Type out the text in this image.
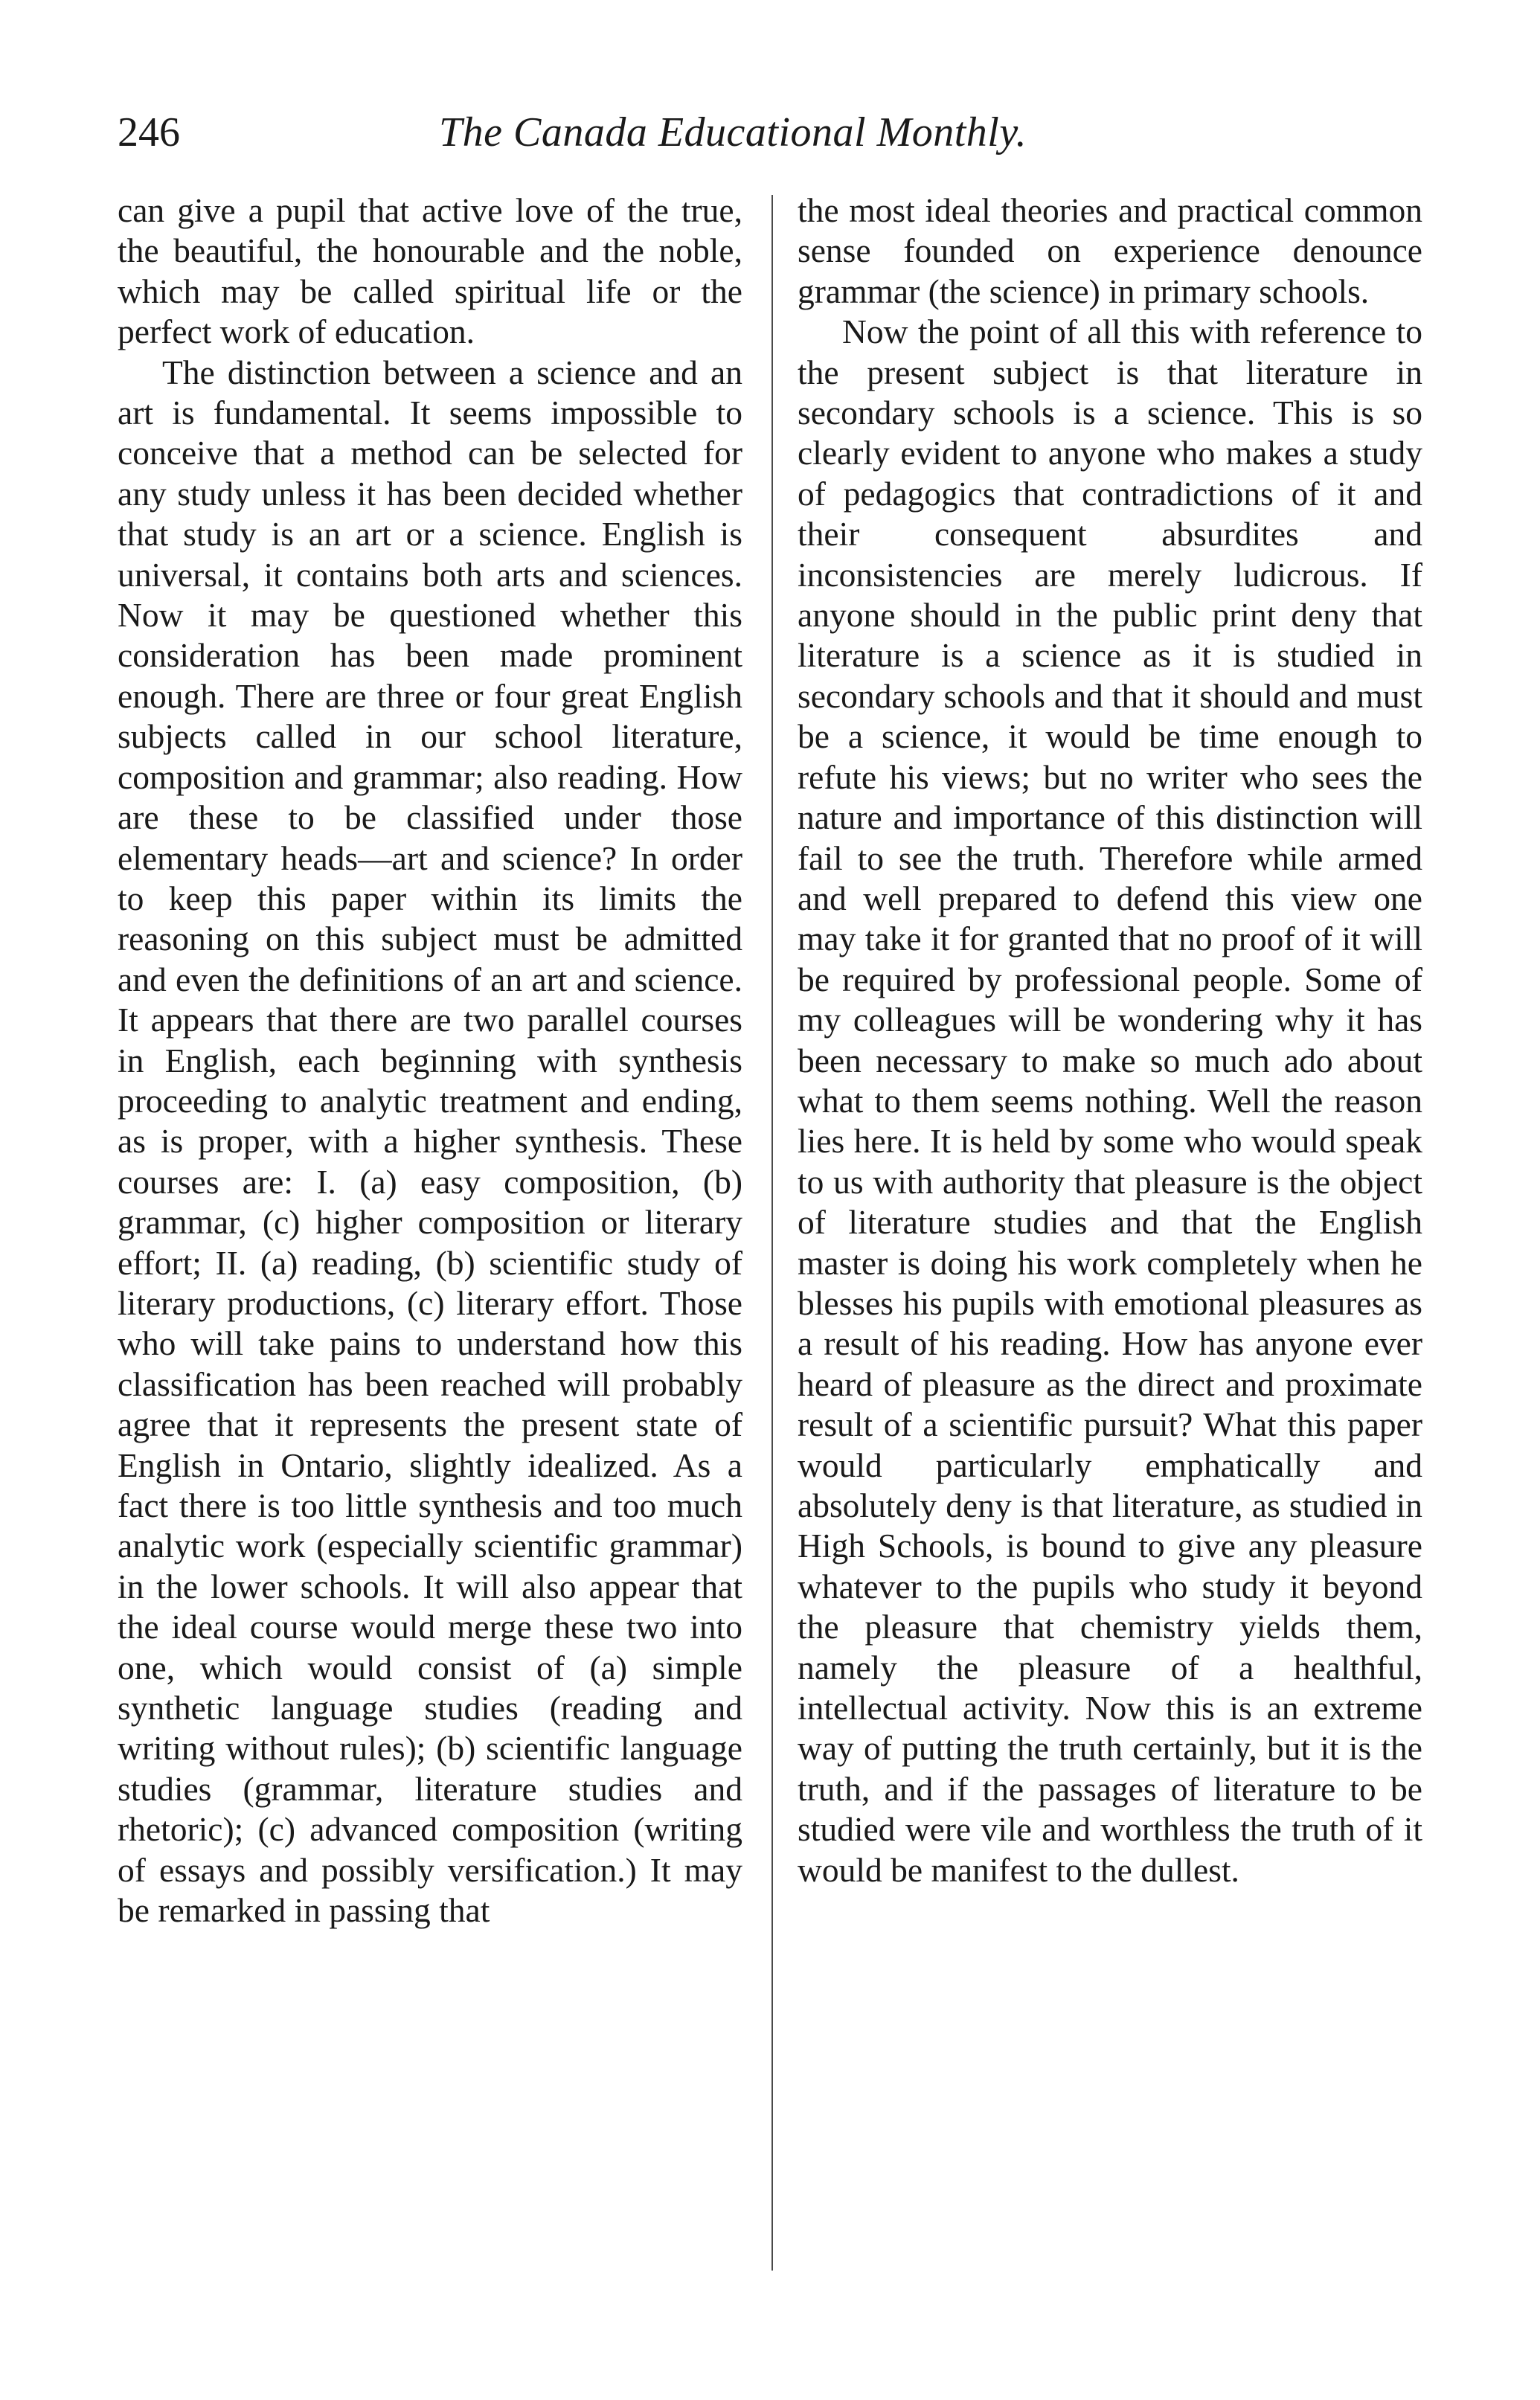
246	The Canada Educational Monthly.

can give a pupil that active love of the true, the beautiful, the honourable and the noble, which may be called spiritual life or the perfect work of education.

The distinction between a science and an art is fundamental. It seems impossible to conceive that a method can be selected for any study unless it has been decided whether that study is an art or a science. English is universal, it contains both arts and sciences. Now it may be questioned whether this consideration has been made prominent enough. There are three or four great English subjects called in our school literature, composition and grammar; also reading. How are these to be classified under those elementary heads—art and science? In order to keep this paper within its limits the reasoning on this subject must be admitted and even the definitions of an art and science. It appears that there are two parallel courses in English, each beginning with synthesis proceeding to analytic treatment and ending, as is proper, with a higher synthesis. These courses are: I. (a) easy composition, (b) grammar, (c) higher composition or literary effort; II. (a) reading, (b) scientific study of literary productions, (c) literary effort. Those who will take pains to understand how this classification has been reached will probably agree that it represents the present state of English in Ontario, slightly idealized. As a fact there is too little synthesis and too much analytic work (especially scientific grammar) in the lower schools. It will also appear that the ideal course would merge these two into one, which would consist of (a) simple synthetic language studies (reading and writing without rules); (b) scientific language studies (grammar, literature studies and rhetoric); (c) advanced composition (writing of essays and possibly versification.) It may be remarked in passing that

the most ideal theories and practical common sense founded on experience denounce grammar (the science) in primary schools.

Now the point of all this with reference to the present subject is that literature in secondary schools is a science. This is so clearly evident to anyone who makes a study of pedagogics that contradictions of it and their consequent absurdites and inconsistencies are merely ludicrous. If anyone should in the public print deny that literature is a science as it is studied in secondary schools and that it should and must be a science, it would be time enough to refute his views; but no writer who sees the nature and importance of this distinction will fail to see the truth. Therefore while armed and well prepared to defend this view one may take it for granted that no proof of it will be required by professional people. Some of my colleagues will be wondering why it has been necessary to make so much ado about what to them seems nothing. Well the reason lies here. It is held by some who would speak to us with authority that pleasure is the object of literature studies and that the English master is doing his work completely when he blesses his pupils with emotional pleasures as a result of his reading. How has anyone ever heard of pleasure as the direct and proximate result of a scientific pursuit? What this paper would particularly emphatically and absolutely deny is that literature, as studied in High Schools, is bound to give any pleasure whatever to the pupils who study it beyond the pleasure that chemistry yields them, namely the pleasure of a healthful, intellectual activity. Now this is an extreme way of putting the truth certainly, but it is the truth, and if the passages of literature to be studied were vile and worthless the truth of it would be manifest to the dullest.
